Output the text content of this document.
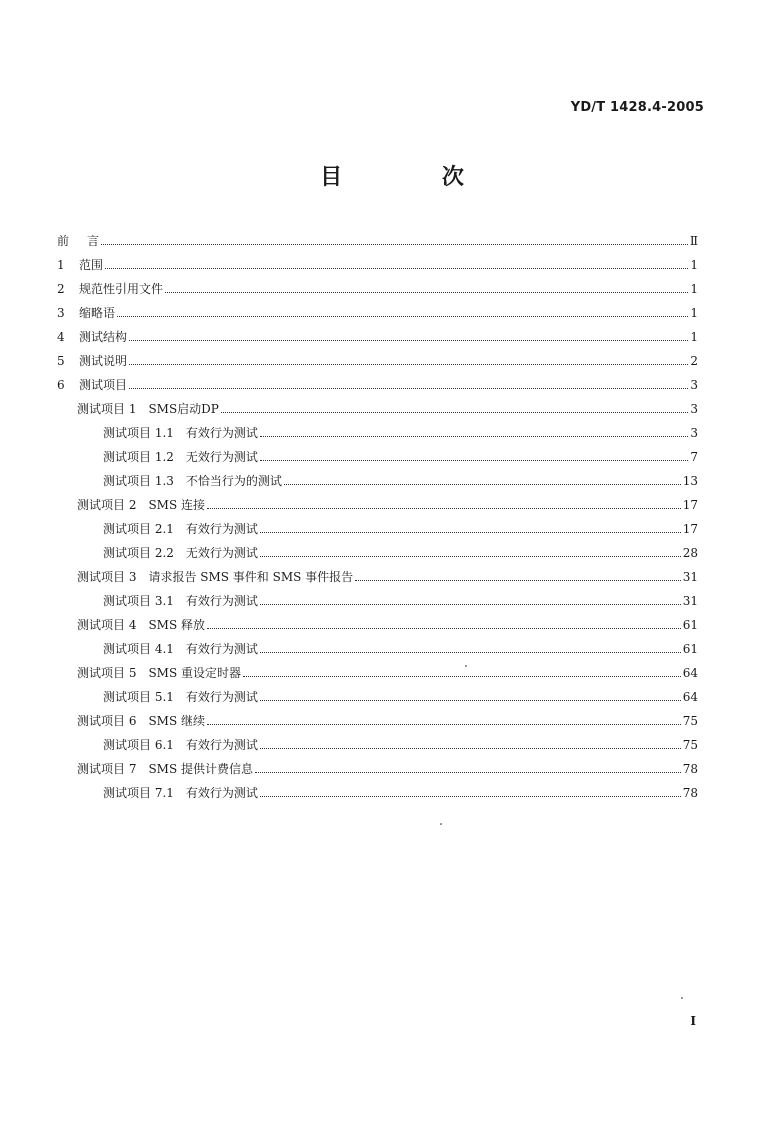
YD/T 1428.4-2005
目 次
前 言	Ⅱ
1 范围	1
2 规范性引用文件	1
3 缩略语	1
4 测试结构	1
5 测试说明	2
6 测试项目	3
测试项目 1 SMS启动DP	3
测试项目 1.1 有效行为测试	3
测试项目 1.2 无效行为测试	7
测试项目 1.3 不恰当行为的测试	13
测试项目 2 SMS 连接	17
测试项目 2.1 有效行为测试	17
测试项目 2.2 无效行为测试	28
测试项目 3 请求报告 SMS 事件和 SMS 事件报告	31
测试项目 3.1 有效行为测试	31
测试项目 4 SMS 释放	61
测试项目 4.1 有效行为测试	61
测试项目 5 SMS 重设定时器	64
测试项目 5.1 有效行为测试	64
测试项目 6 SMS 继续	75
测试项目 6.1 有效行为测试	75
测试项目 7 SMS 提供计费信息	78
测试项目 7.1 有效行为测试	78
I
